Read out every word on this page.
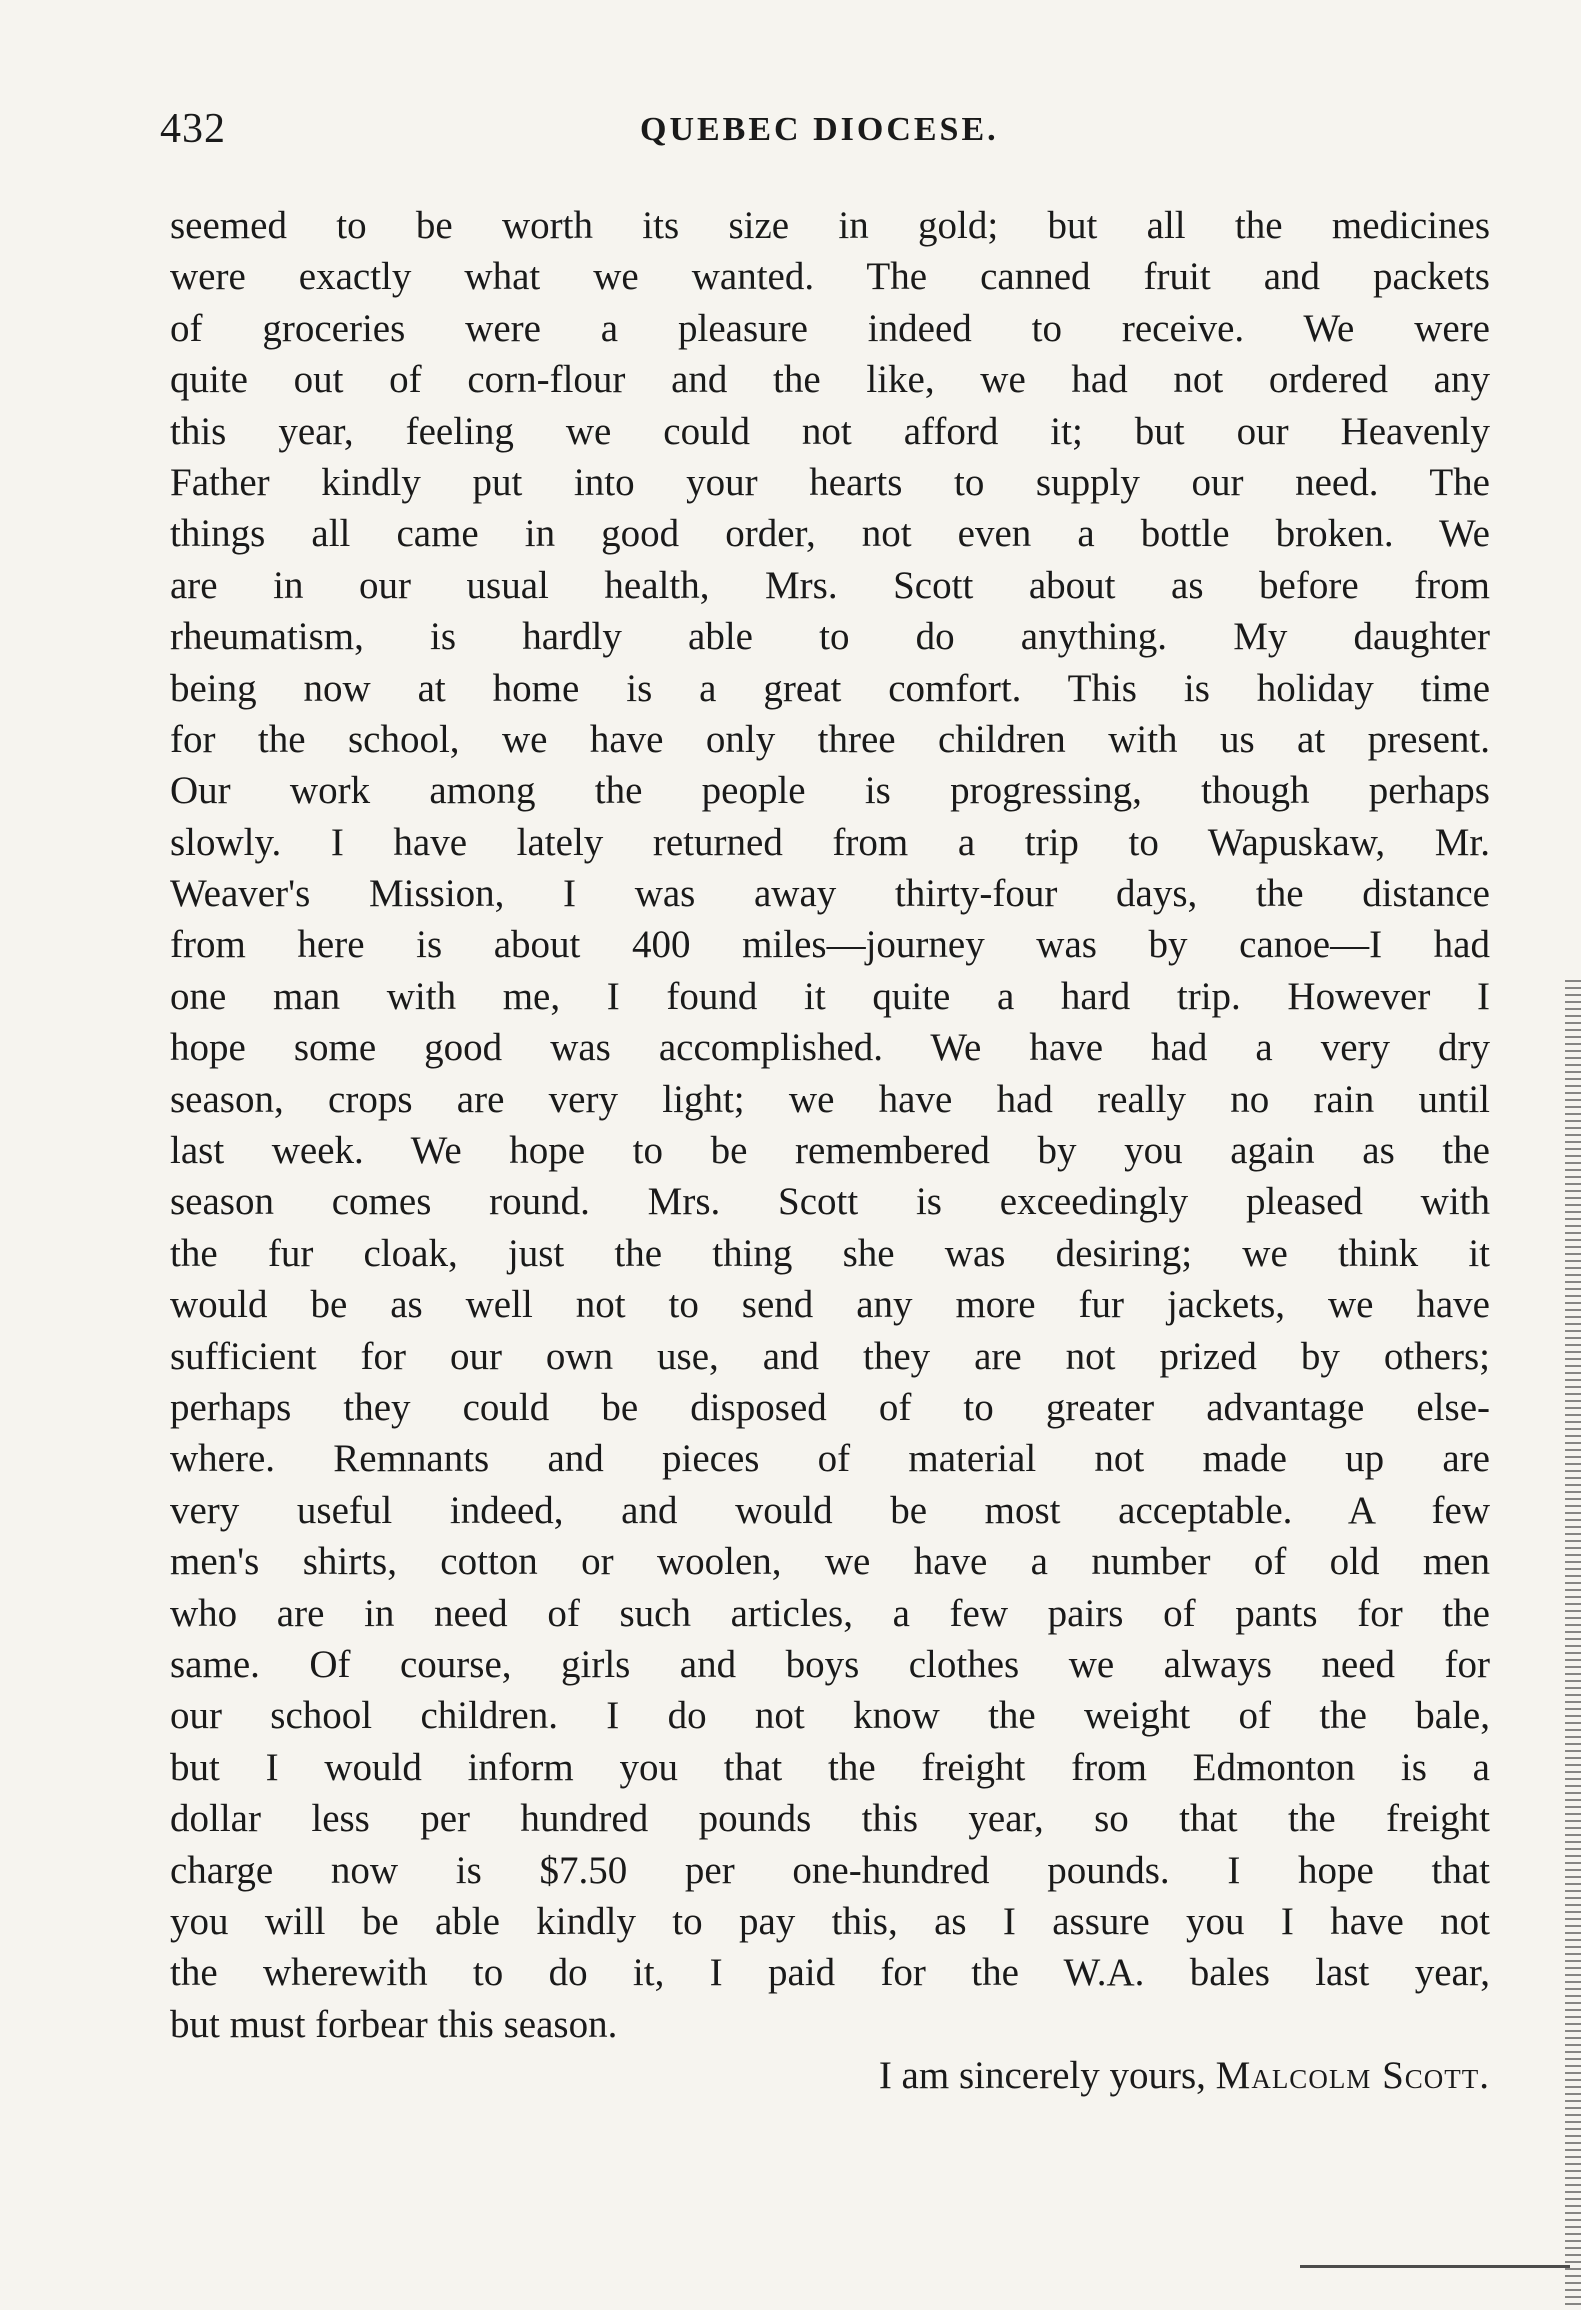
432	QUEBEC DIOCESE.
seemed to be worth its size in gold; but all the medicines
were exactly what we wanted. The canned fruit and packets
of groceries were a pleasure indeed to receive. We were
quite out of corn-flour and the like, we had not ordered any
this year, feeling we could not afford it; but our Heavenly
Father kindly put into your hearts to supply our need. The
things all came in good order, not even a bottle broken. We
are in our usual health, Mrs. Scott about as before from
rheumatism, is hardly able to do anything. My daughter
being now at home is a great comfort. This is holiday time
for the school, we have only three children with us at present.
Our work among the people is progressing, though perhaps
slowly. I have lately returned from a trip to Wapuskaw, Mr.
Weaver's Mission, I was away thirty-four days, the distance
from here is about 400 miles—journey was by canoe—I had
one man with me, I found it quite a hard trip. However I
hope some good was accomplished. We have had a very dry
season, crops are very light; we have had really no rain until
last week. We hope to be remembered by you again as the
season comes round. Mrs. Scott is exceedingly pleased with
the fur cloak, just the thing she was desiring; we think it
would be as well not to send any more fur jackets, we have
sufficient for our own use, and they are not prized by others;
perhaps they could be disposed of to greater advantage else-
where. Remnants and pieces of material not made up are
very useful indeed, and would be most acceptable. A few
men's shirts, cotton or woolen, we have a number of old men
who are in need of such articles, a few pairs of pants for the
same. Of course, girls and boys clothes we always need for
our school children. I do not know the weight of the bale,
but I would inform you that the freight from Edmonton is a
dollar less per hundred pounds this year, so that the freight
charge now is $7.50 per one-hundred pounds. I hope that
you will be able kindly to pay this, as I assure you I have not
the wherewith to do it, I paid for the W.A. bales last year,
but must forbear this season.
I am sincerely yours, Malcolm Scott.
